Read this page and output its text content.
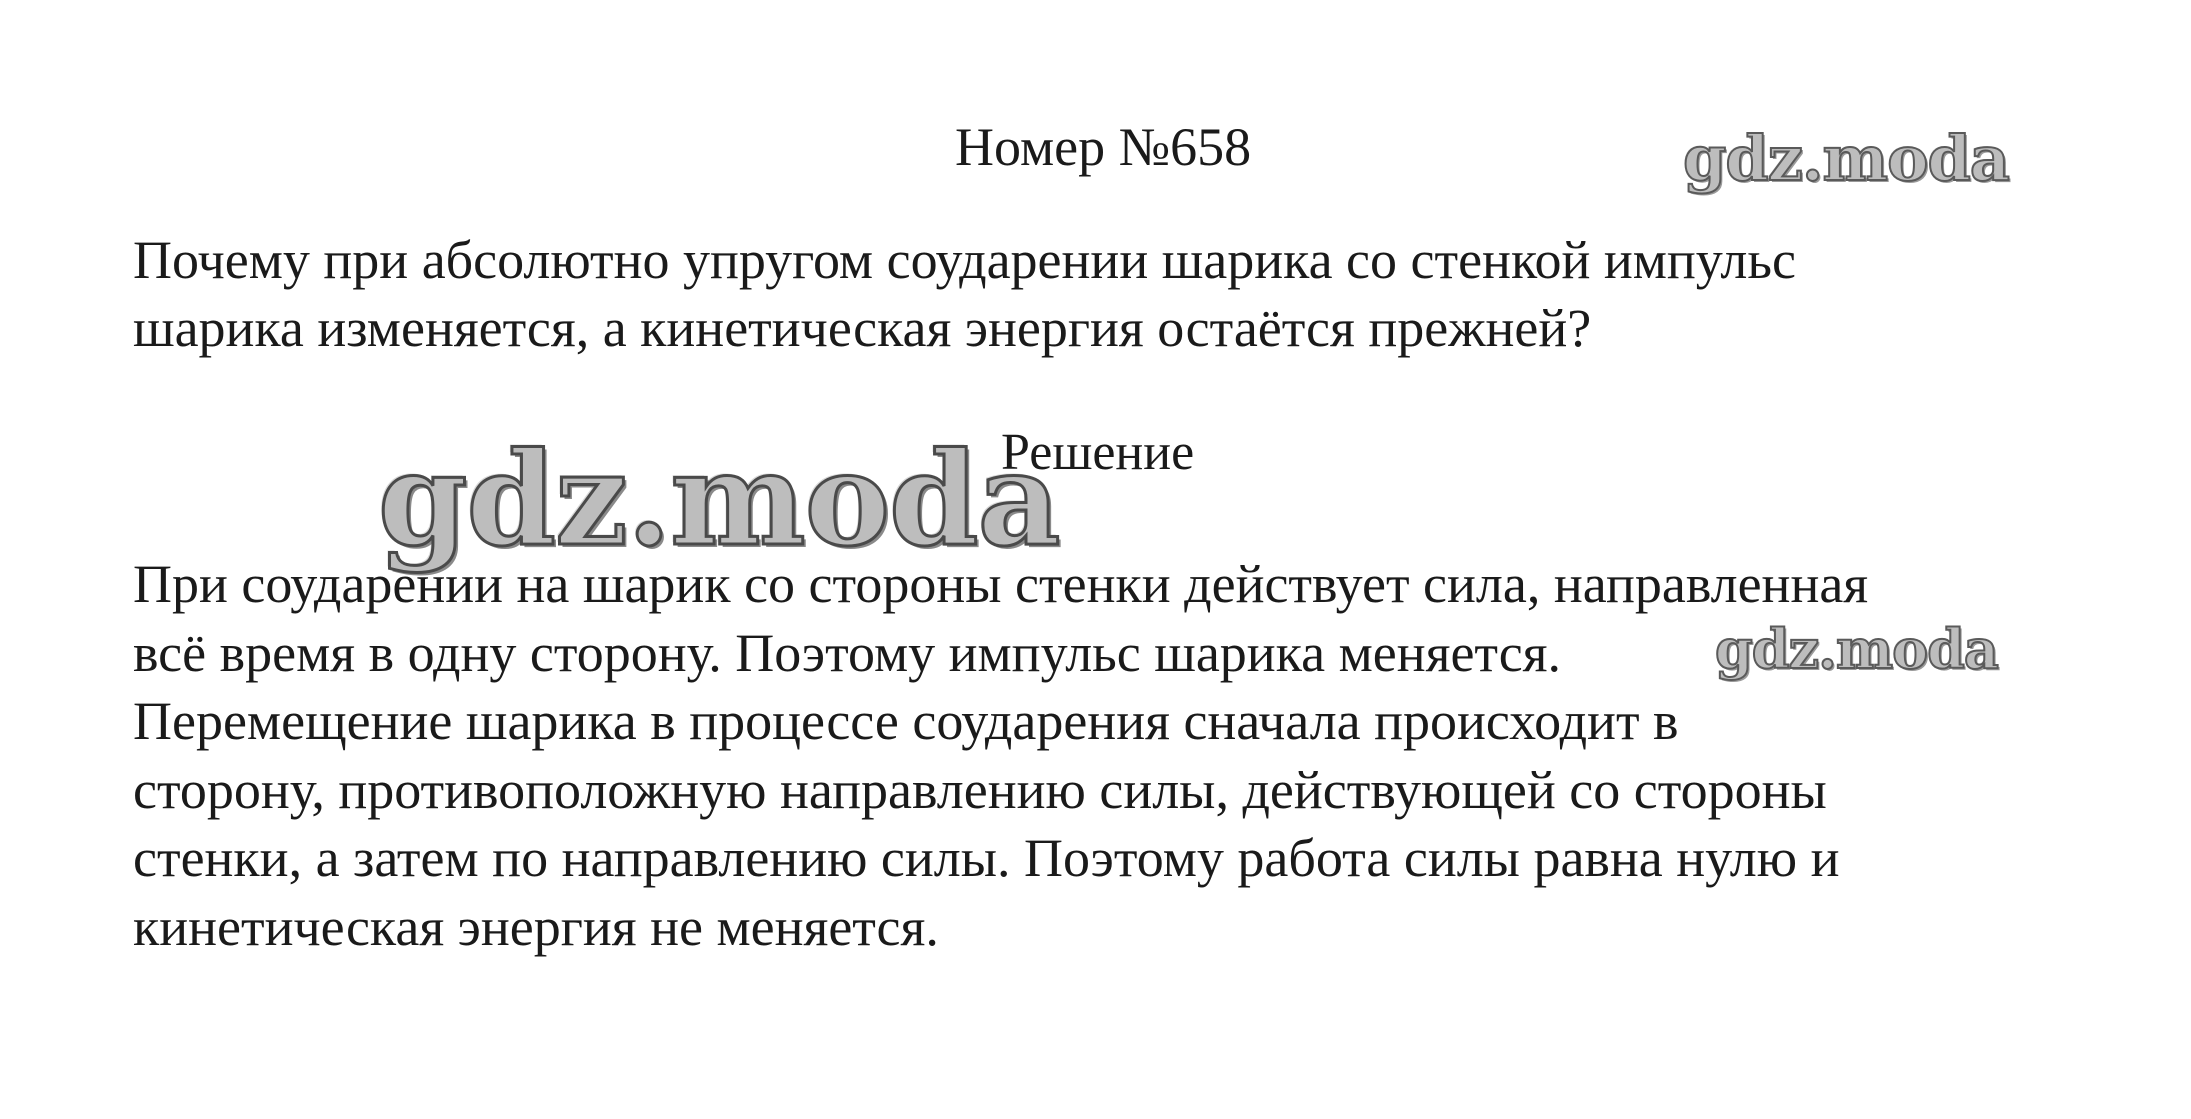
Номер №658	gdz.moda
Почему при абсолютно упругом соударении шарика со стенкой импульс
шарика изменяется, а кинетическая энергия остаётся прежней?
gdz.moda
Решение
При соударении на шарик со стороны стенки действует сила, направленная
всё время в одну сторону. Поэтому импульс шарика меняется.
Перемещение шарика в процессе соударения сначала происходит в
сторону, противоположную направлению силы, действующей со стороны
стенки, а затем по направлению силы. Поэтому работа силы равна нулю и
кинетическая энергия не меняется.
gdz.moda
